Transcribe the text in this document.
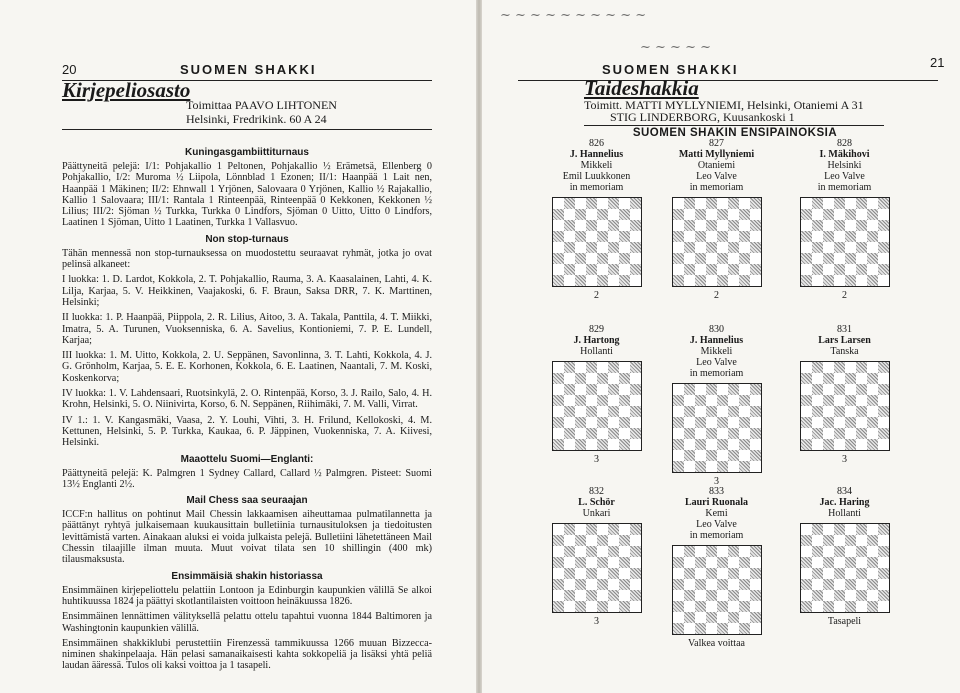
20	SUOMEN SHAKKI
Kirjepeliosasto
Toimittaa PAAVO LIHTONEN
Helsinki, Fredrikink. 60 A 24
Kuningasgambiittiturnaus

Päättyneitä pelejä: I/1: Pohjakallio 1 Peltonen, Pohjakallio ½ Erämetsä, Ellenberg 0 Pohjakallio, I/2: Muroma ½ Liipola, Lönnblad 1 Ezonen; II/1: Haanpää 1 Lait nen, Haanpää 1 Mäkinen; II/2: Ehnwall 1 Yrjönen, Salovaara 0 Yrjönen, Kallio ½ Rajakallio, Kallio 1 Salovaara; III/1: Rantala 1 Rinteenpää, Rinteenpää 0 Kekkonen, Kekkonen ½ Lilius; III/2: Sjöman ½ Turkka, Turkka 0 Lindfors, Sjöman 0 Uitto, Uitto 0 Lindfors, Laatinen 1 Sjöman, Uitto 1 Laatinen, Turkka 1 Vallasvuo.

Non stop-turnaus

Tähän mennessä non stop-turnauksessa on muodostettu seuraavat ryhmät, jotka jo ovat pelinsä alkaneet:

I luokka: 1. D. Lardot, Kokkola, 2. T. Pohjakallio, Rauma, 3. A. Kaasalainen, Lahti, 4. K. Lilja, Karjaa, 5. V. Heikkinen, Vaajakoski, 6. F. Braun, Saksa DRR, 7. K. Marttinen, Helsinki;

II luokka: 1. P. Haanpää, Piippola, 2. R. Lilius, Aitoo, 3. A. Takala, Panttila, 4. T. Miikki, Imatra, 5. A. Turunen, Vuoksenniska, 6. A. Savelius, Kontioniemi, 7. P. E. Lundell, Karjaa;

III luokka: 1. M. Uitto, Kokkola, 2. U. Seppänen, Savonlinna, 3. T. Lahti, Kokkola, 4. J. G. Grönholm, Karjaa, 5. E. E. Korhonen, Kokkola, 6. E. Laatinen, Naantali, 7. M. Koski, Koskenkorva;

IV luokka: 1. V. Lahdensaari, Ruotsinkylä, 2. O. Rintenpää, Korso, 3. J. Railo, Salo, 4. H. Krohn, Helsinki, 5. O. Niinivirta, Korso, 6. N. Seppänen, Riihimäki, 7. M. Valli, Virrat.

IV 1.: 1. V. Kangasmäki, Vaasa, 2. Y. Louhi, Vihti, 3. H. Frilund, Kellokoski, 4. M. Kettunen, Helsinki, 5. P. Turkka, Kaukaa, 6. P. Jäppinen, Vuokenniska, 7. A. Kiivesi, Helsinki.

Maaottelu Suomi—Englanti:

Päättyneitä pelejä: K. Palmgren 1 Sydney Callard, Callard ½ Palmgren. Pisteet: Suomi 13½ Englanti 2½.

Mail Chess saa seuraajan

ICCF:n hallitus on pohtinut Mail Chessin lakkaamisen aiheuttamaa pulmatilannetta ja päättänyt ryhtyä julkaisemaan kuukausittain bulletiinia turnausituloksen ja tiedoitusten levittämistä varten. Ainakaan aluksi ei voida julkaista pelejä. Bulletiini lähetettäneen Mail Chessin tilaajille ilman muuta. Muut voivat tilata sen 10 shillingin (400 mk) tilausmaksusta.

Ensimmäisiä shakin historiassa

Ensimmäinen kirjepeliottelu pelattiin Lontoon ja Edinburgin kaupunkien välillä Se alkoi huhtikuussa 1824 ja päättyi skotlantilaisten voittoon heinäkuussa 1826.

Ensimmäinen lennättimen välityksellä pelattu ottelu tapahtui vuonna 1844 Baltimoren ja Washingtonin kaupunkien välillä.

Ensimmäinen shakkiklubi perustettiin Firenzessä tammikuussa 1266 muuan Bizzecca-niminen shakinpelaaja. Hän pelasi samanaikaisesti kahta sokkopeliä ja lisäksi yhtä peliä laudan ääressä. Tulos oli kaksi voittoa ja 1 tasapeli.

~ ~ ~ ~ ~ ~ ~ ~ ~ ~
~ ~ ~ ~ ~
SUOMEN SHAKKI	21
Taideshakkia
Toimitt. MATTI MYLLYNIEMI, Helsinki, Otaniemi A 31
STIG LINDERBORG, Kuusankoski 1
SUOMEN SHAKIN ENSIPAINOKSIA
826
J. Hannelius
Mikkeli
Emil Luukkonen
in memoriam
2
827
Matti Myllyniemi
Otaniemi
Leo Valve
in memoriam
2
828
I. Mäkihovi
Helsinki
Leo Valve
in memoriam
2
829
J. Hartong
Hollanti
3
830
J. Hannelius
Mikkeli
Leo Valve
in memoriam
3
831
Lars Larsen
Tanska
3
832
L. Schör
Unkari
3
833
Lauri Ruonala
Kemi
Leo Valve
in memoriam
Valkea voittaa
834
Jac. Haring
Hollanti
Tasapeli
